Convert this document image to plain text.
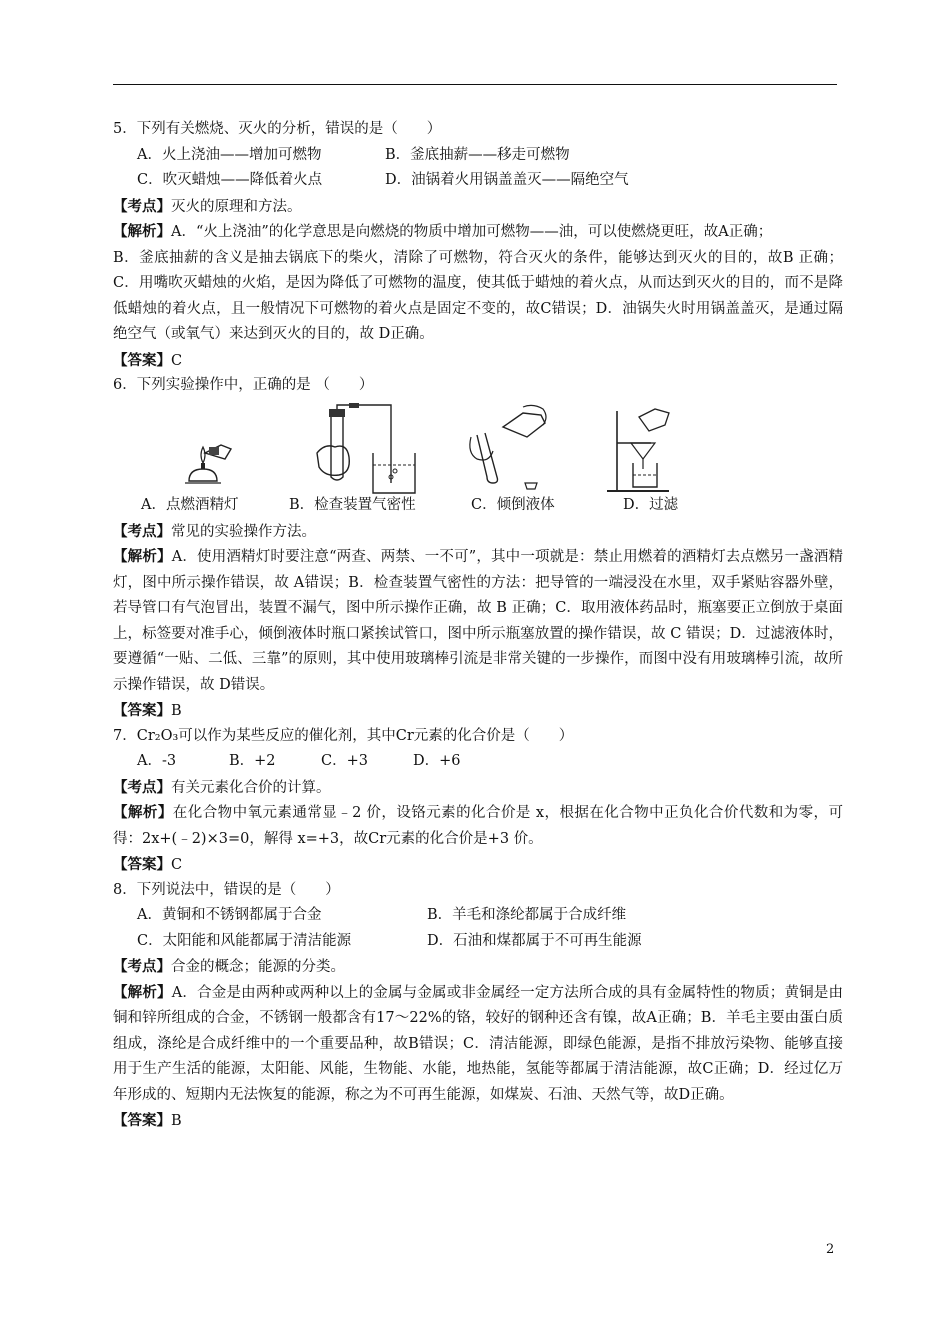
5．下列有关燃烧、灭火的分析，错误的是（　　）
A．火上浇油——增加可燃物	B．釜底抽薪——移走可燃物
C．吹灭蜡烛——降低着火点	D．油锅着火用锅盖盖灭——隔绝空气
【考点】灭火的原理和方法。
【解析】A．“火上浇油”的化学意思是向燃烧的物质中增加可燃物——油，可以使燃烧更旺，故A正确；
B．釜底抽薪的含义是抽去锅底下的柴火，清除了可燃物，符合灭火的条件，能够达到灭火的目的，故B 正确；C．用嘴吹灭蜡烛的火焰，是因为降低了可燃物的温度，使其低于蜡烛的着火点，从而达到灭火的目的，而不是降低蜡烛的着火点，且一般情况下可燃物的着火点是固定不变的，故C错误；D．油锅失火时用锅盖盖灭，是通过隔绝空气（或氧气）来达到灭火的目的，故 D正确。
【答案】C
6．下列实验操作中，正确的是 （　　）
A．点燃酒精灯	B．检查装置气密性	C．倾倒液体	D．过滤
【考点】常见的实验操作方法。
【解析】A．使用酒精灯时要注意“两查、两禁、一不可”，其中一项就是：禁止用燃着的酒精灯去点燃另一盏酒精灯，图中所示操作错误，故 A错误；B．检查装置气密性的方法：把导管的一端浸没在水里，双手紧贴容器外壁，若导管口有气泡冒出，装置不漏气，图中所示操作正确，故 B 正确；C．取用液体药品时，瓶塞要正立倒放于桌面上，标签要对准手心，倾倒液体时瓶口紧挨试管口，图中所示瓶塞放置的操作错误，故 C 错误；D．过滤液体时，要遵循“一贴、二低、三靠”的原则，其中使用玻璃棒引流是非常关键的一步操作，而图中没有用玻璃棒引流，故所示操作错误，故 D错误。
【答案】B
7．Cr₂O₃可以作为某些反应的催化剂，其中Cr元素的化合价是（　　）
A．-3	B．+2	C．+3	D．+6
【考点】有关元素化合价的计算。
【解析】在化合物中氧元素通常显﹣2 价，设铬元素的化合价是 x，根据在化合物中正负化合价代数和为零，可得：2x+(﹣2)×3=0，解得 x=+3，故Cr元素的化合价是+3 价。
【答案】C
8．下列说法中，错误的是（　　）
A．黄铜和不锈钢都属于合金	B．羊毛和涤纶都属于合成纤维
C．太阳能和风能都属于清洁能源	D．石油和煤都属于不可再生能源
【考点】合金的概念；能源的分类。
【解析】A．合金是由两种或两种以上的金属与金属或非金属经一定方法所合成的具有金属特性的物质；黄铜是由铜和锌所组成的合金，不锈钢一般都含有17～22%的铬，较好的钢种还含有镍，故A正确；B．羊毛主要由蛋白质组成，涤纶是合成纤维中的一个重要品种，故B错误；C．清洁能源，即绿色能源，是指不排放污染物、能够直接用于生产生活的能源，太阳能、风能，生物能、水能，地热能，氢能等都属于清洁能源，故C正确；D．经过亿万年形成的、短期内无法恢复的能源，称之为不可再生能源，如煤炭、石油、天然气等，故D正确。
【答案】B
2
